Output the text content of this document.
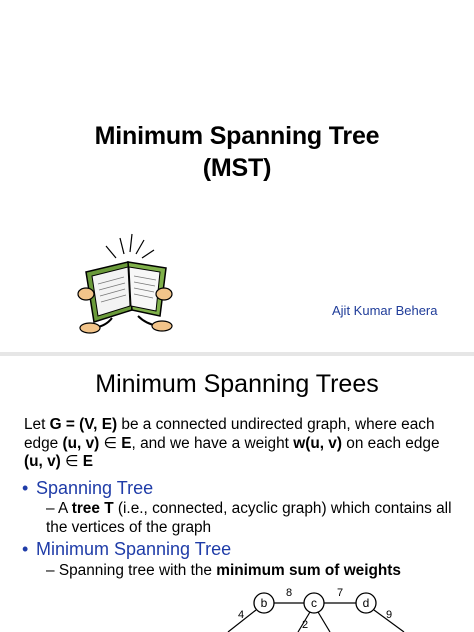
Minimum Spanning Tree
(MST)
Ajit Kumar Behera
Minimum Spanning Trees
Let G = (V, E) be a connected undirected graph, where each edge (u, v) ∈ E, and we have a weight w(u, v) on each edge
(u, v) ∈ E
• Spanning Tree
– A tree T (i.e., connected, acyclic graph) which contains all the vertices of the graph
• Minimum Spanning Tree
– Spanning tree with the minimum sum of weights
b	c	d
4
8	7
9
2
